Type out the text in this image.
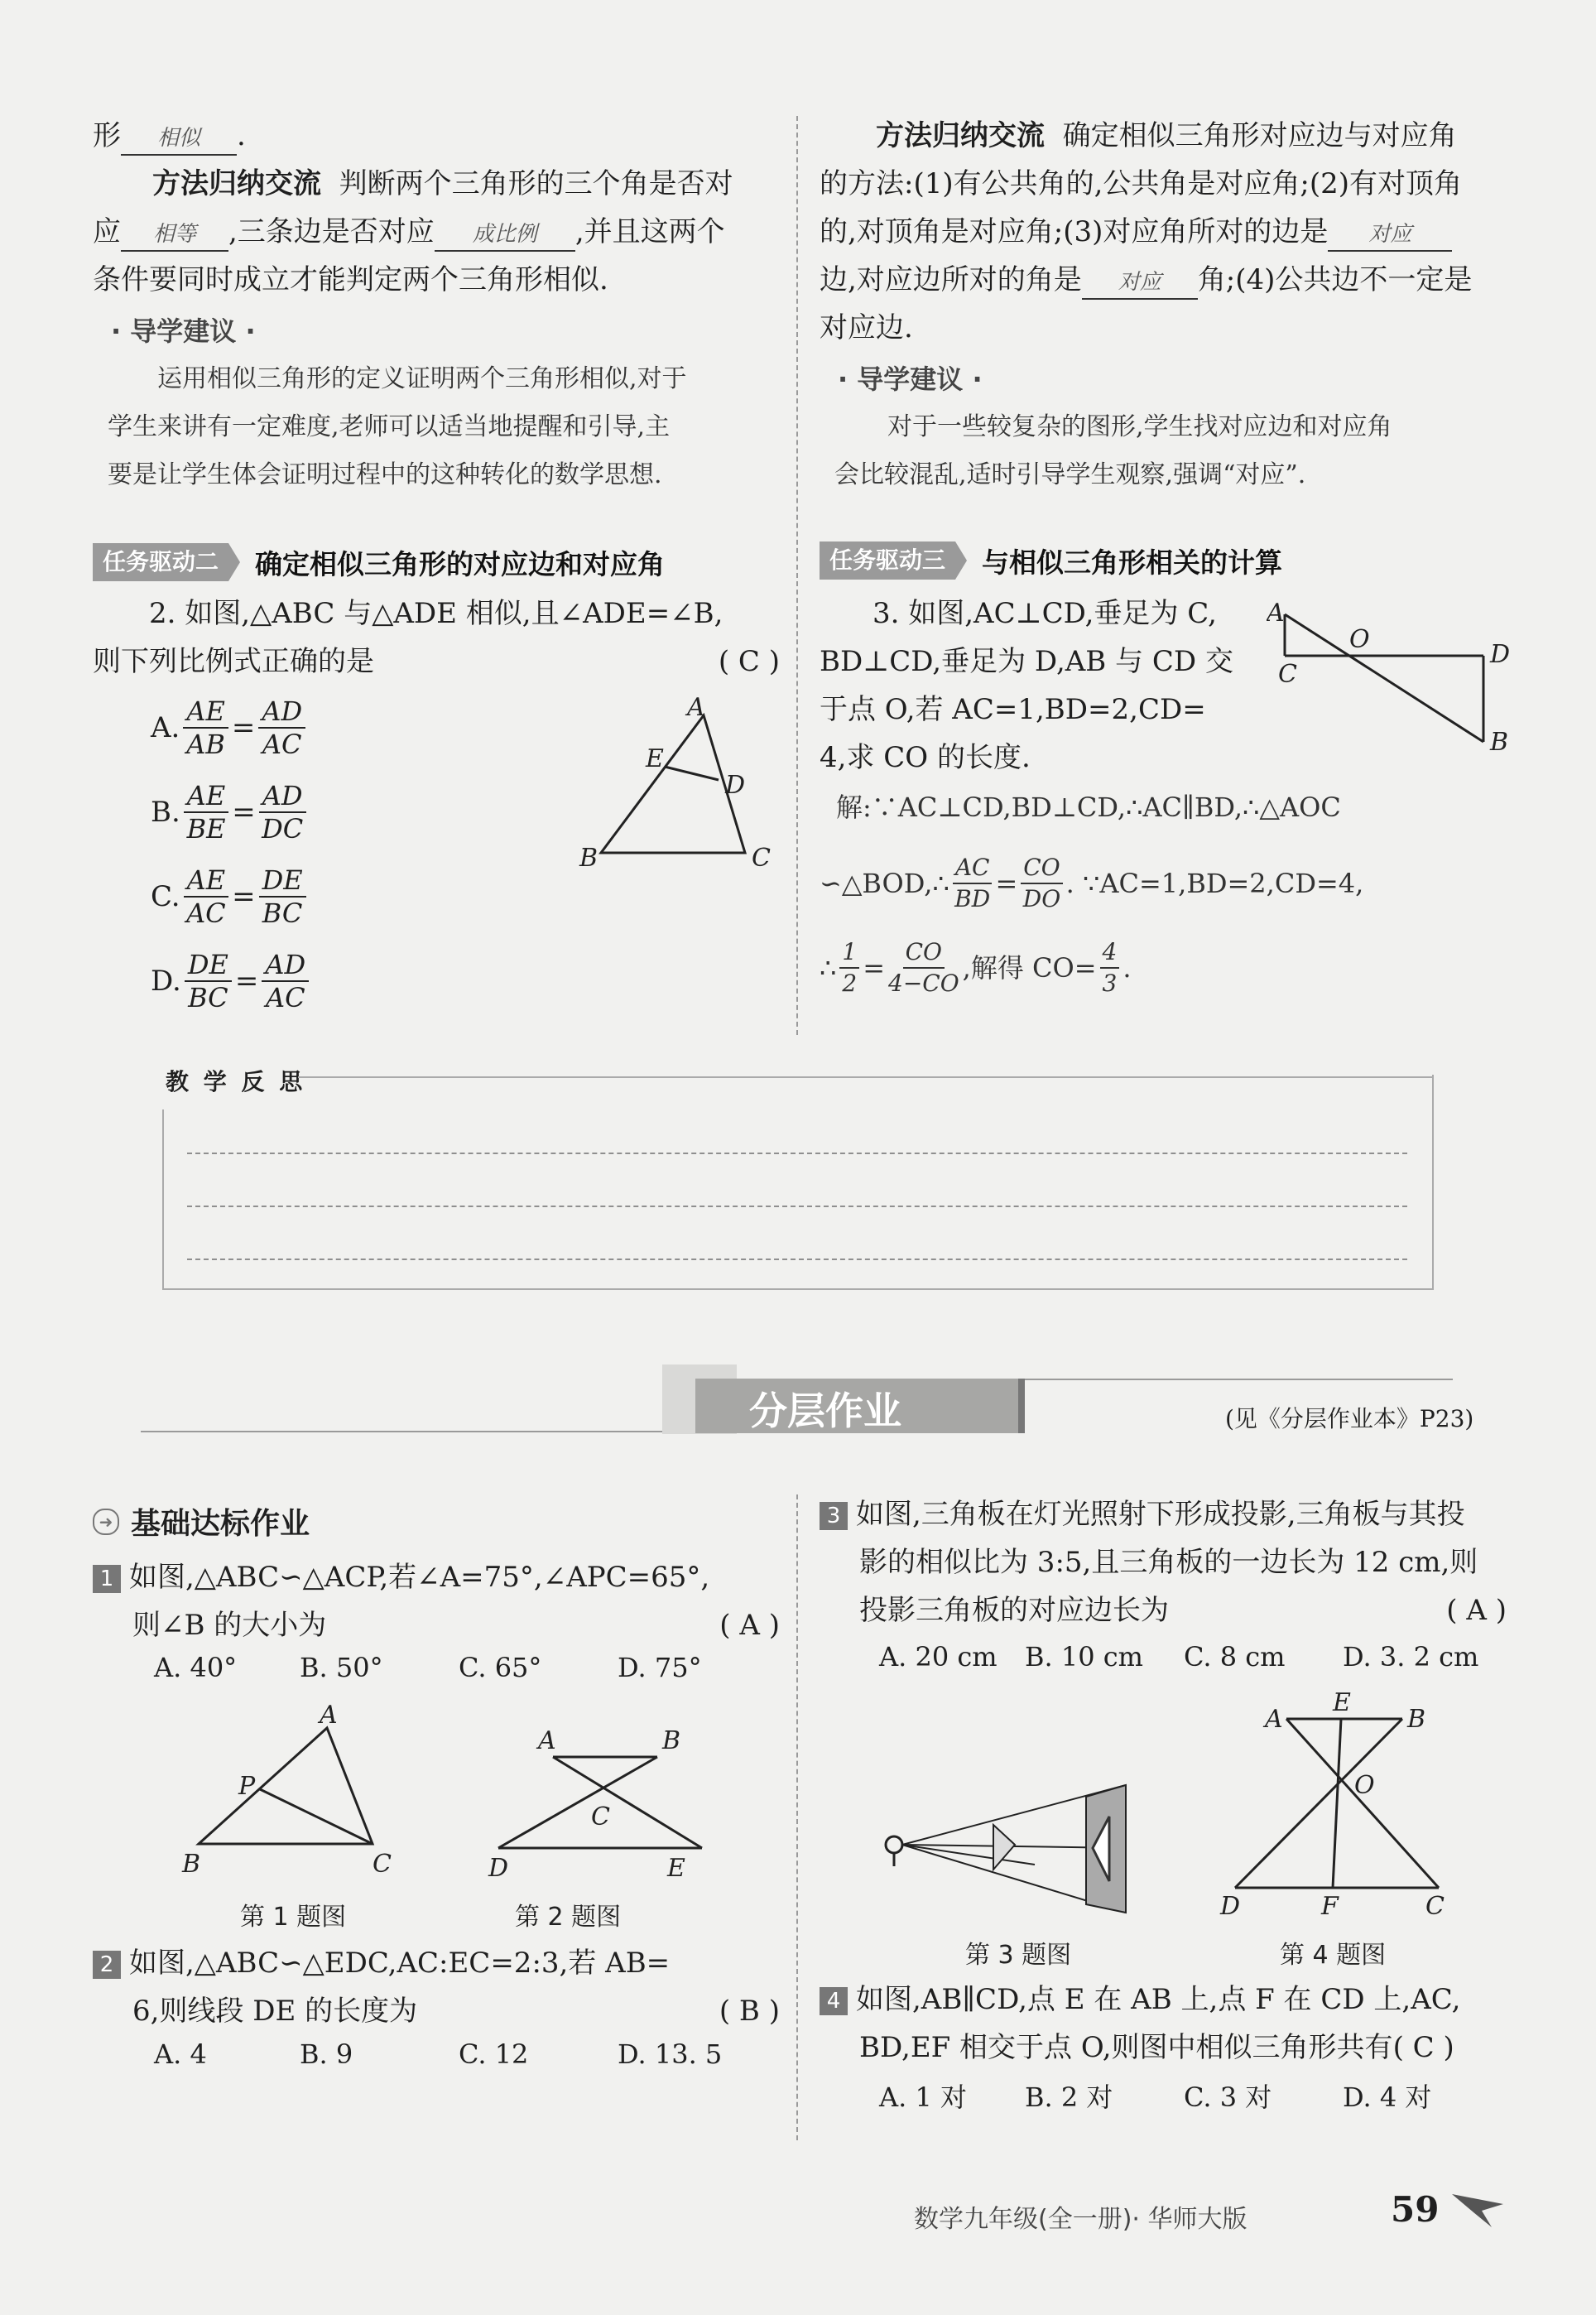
形 相似 .

方法归纳交流 判断两个三角形的三个角是否对

应 相等 ,三条边是否对应 成比例 ,并且这两个

条件要同时成立才能判定两个三角形相似.

· 导学建议 ·

运用相似三角形的定义证明两个三角形相似,对于

学生来讲有一定难度,老师可以适当地提醒和引导,主

要是让学生体会证明过程中的这种转化的数学思想.

任务驱动二	确定相似三角形的对应边和对应角

2. 如图,△ABC 与△ADE 相似,且∠ADE=∠B,

则下列比例式正确的是	( C )

A. $\frac{AE}{AB} = \frac{AD}{AC}$
B. $\frac{AE}{BE} = \frac{AD}{DC}$
C. $\frac{AE}{AC} = \frac{DE}{BC}$
D. $\frac{DE}{BC} = \frac{AD}{AC}$
A
E
D
B	C

方法归纳交流 确定相似三角形对应边与对应角

的方法:(1)有公共角的,公共角是对应角;(2)有对顶角

的,对顶角是对应角;(3)对应角所对的边是 对应

边,对应边所对的角是 对应 角;(4)公共边不一定是

对应边.

· 导学建议 ·

对于一些较复杂的图形,学生找对应边和对应角

会比较混乱,适时引导学生观察,强调“对应”.

任务驱动三	与相似三角形相关的计算

3. 如图,AC⊥CD,垂足为 C,

BD⊥CD,垂足为 D,AB 与 CD 交

于点 O,若 AC=1,BD=2,CD=

4,求 CO 的长度.

A
O
D
C
B
解:∵AC⊥CD,BD⊥CD,∴AC∥BD,∴△AOC
∽△BOD,∴ $\frac{AC}{BD} = \frac{CO}{DO}$ . ∵AC=1,BD=2,CD=4,
∴ $\frac{1}{2} = \frac{CO}{4-CO}$ ,解得 $CO= \frac{4}{3}$ .
教 学 反 思
分层作业	(见《分层作业本》P23)
➜ 基础达标作业

1 如图,△ABC∽△ACP,若∠A=75°,∠APC=65°,

则∠B 的大小为	( A )

A. 40°	B. 50°	C. 65°	D. 75°
A
P
B	C
第 1 题图
A	B
C
D	E
第 2 题图

2 如图,△ABC∽△EDC,AC:EC=2:3,若 AB=

6,则线段 DE 的长度为	( B )

A. 4	B. 9	C. 12	D. 13. 5

3 如图,三角板在灯光照射下形成投影,三角板与其投

影的相似比为 3:5,且三角板的一边长为 12 cm,则

投影三角板的对应边长为	( A )

A. 20 cm	B. 10 cm	C. 8 cm	D. 3. 2 cm
第 3 题图
A
E
B
O
D	F	C
第 4 题图

4 如图,AB∥CD,点 E 在 AB 上,点 F 在 CD 上,AC,

BD,EF 相交于点 O,则图中相似三角形共有( C )

A. 1 对	B. 2 对	C. 3 对	D. 4 对
数学九年级(全一册)· 华师大版	59
